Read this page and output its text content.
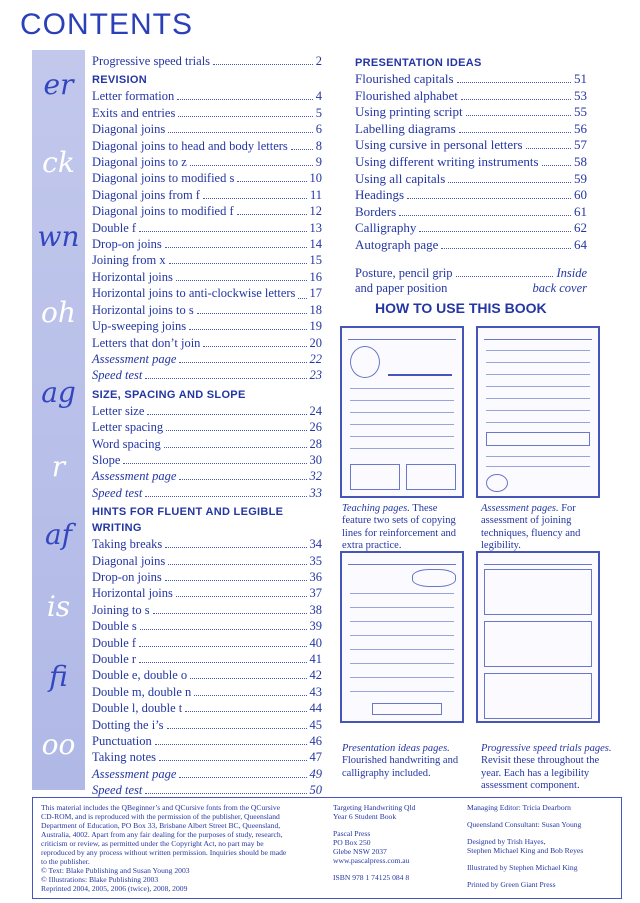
CONTENTS
er
ck
wn
oh
ag
r
af
is
fi
oo
Progressive speed trials	2
REVISION
Letter formation	4
Exits and entries	5
Diagonal joins	6
Diagonal joins to head and body letters 8
Diagonal joins to z	9
Diagonal joins to modified s	10
Diagonal joins from f	11
Diagonal joins to modified f	12
Double f	13
Drop-on joins	14
Joining from x	15
Horizontal joins	16
Horizontal joins to anti-clockwise letters 17
Horizontal joins to s	18
Up-sweeping joins	19
Letters that don’t join	20
Assessment page	22
Speed test	23
SIZE, SPACING AND SLOPE
Letter size	24
Letter spacing	26
Word spacing	28
Slope	30
Assessment page	32
Speed test	33
HINTS FOR FLUENT AND LEGIBLE WRITING
Taking breaks	34
Diagonal joins	35
Drop-on joins	36
Horizontal joins	37
Joining to s	38
Double s	39
Double f	40
Double r	41
Double e, double o	42
Double m, double n	43
Double l, double t	44
Dotting the i’s	45
Punctuation	46
Taking notes	47
Assessment page	49
Speed test	50
PRESENTATION IDEAS
Flourished capitals	51
Flourished alphabet	53
Using printing script	55
Labelling diagrams	56
Using cursive in personal letters	57
Using different writing instruments	58
Using all capitals	59
Headings	60
Borders	61
Calligraphy	62
Autograph page	64
Posture, pencil grip	Inside
and paper position	back cover
HOW TO USE THIS BOOK
Teaching pages. These feature two sets of copying lines for reinforcement and extra practice.
Assessment pages. For assessment of joining techniques, fluency and legibility.
Presentation ideas pages. Flourished handwriting and calligraphy included.
Progressive speed trials pages. Revisit these throughout the year. Each has a legibility assessment component.

This material includes the QBeginner’s and QCursive fonts from the QCursive

CD-ROM, and is reproduced with the permission of the publisher, Queensland

Department of Education, PO Box 33, Brisbane Albert Street BC, Queensland,

Australia, 4002. Apart from any fair dealing for the purposes of study, research,

criticism or review, as permitted under the Copyright Act, no part may be

reproduced by any process without written permission. Inquiries should be made

to the publisher.

© Text: Blake Publishing and Susan Young 2003

© Illustrations: Blake Publishing 2003

Reprinted 2004, 2005, 2006 (twice), 2008, 2009

Targeting Handwriting Qld

Year 6 Student Book

Pascal Press

PO Box 250

Glebe NSW 2037

www.pascalpress.com.au

ISBN 978 1 74125 084 8

Managing Editor: Tricia Dearborn

Queensland Consultant: Susan Young

Designed by Trish Hayes,

Stephen Michael King and Bob Reyes

Illustrated by Stephen Michael King

Printed by Green Giant Press
